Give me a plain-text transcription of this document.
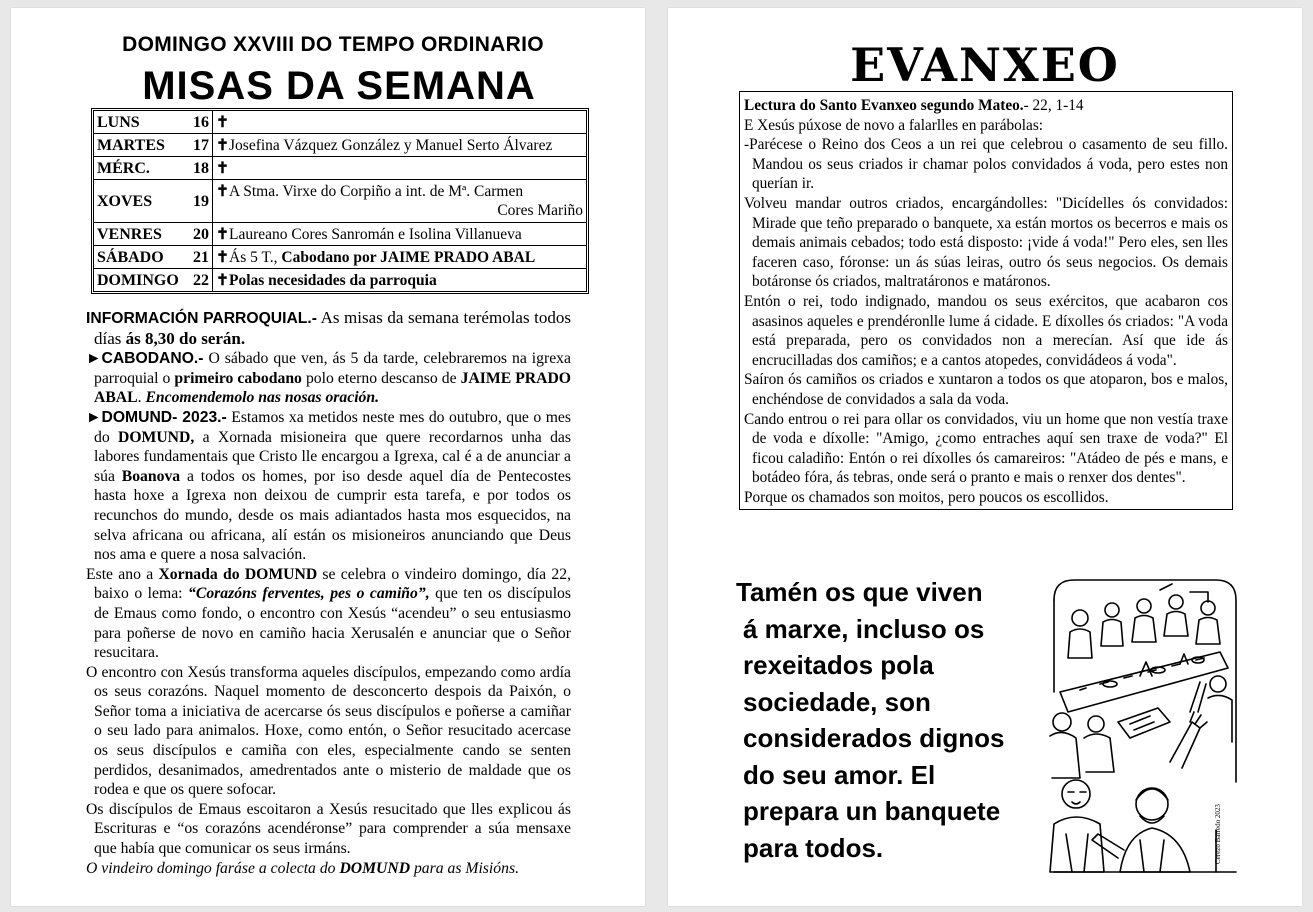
DOMINGO XXVIII DO TEMPO ORDINARIO
MISAS DA SEMANA
LUNS 16	✝
MARTES 17	✝Josefina Vázquez González y Manuel Serto Álvarez
MÉRC. 18	✝
XOVES 19	✝A Stma. Virxe do Corpiño a int. de Mª. Carmen
Cores Mariño

VENRES 20	✝Laureano Cores Sanromán e Isolina Villanueva
SÁBADO 21	✝Ás 5 T., Cabodano por JAIME PRADO ABAL
DOMINGO 22	✝Polas necesidades da parroquia

INFORMACIÓN PARROQUIAL.- As misas da semana terémolas todos días ás 8,30 do serán.

►CABODANO.- O sábado que ven, ás 5 da tarde, celebraremos na igrexa parroquial o primeiro cabodano polo eterno descanso de JAIME PRADO ABAL. Encomendemolo nas nosas oración.

►DOMUND- 2023.- Estamos xa metidos neste mes do outubro, que o mes do DOMUND, a Xornada misioneira que quere recordarnos unha das labores fundamentais que Cristo lle encargou a Igrexa, cal é a de anunciar a súa Boanova a todos os homes, por iso desde aquel día de Pentecostes hasta hoxe a Igrexa non deixou de cumprir esta tarefa, e por todos os recunchos do mundo, desde os mais adiantados hasta mos esquecidos, na selva africana ou africana, alí están os misioneiros anunciando que Deus nos ama e quere a nosa salvación.

Este ano a Xornada do DOMUND se celebra o vindeiro domingo, día 22, baixo o lema: “Corazóns ferventes, pes o camiño”, que ten os discípulos de Emaus como fondo, o encontro con Xesús “acendeu” o seu entusiasmo para poñerse de novo en camiño hacia Xerusalén e anunciar que o Señor resucitara.

O encontro con Xesús transforma aqueles discípulos, empezando como ardía os seus corazóns. Naquel momento de desconcerto despois da Paixón, o Señor toma a iniciativa de acercarse ós seus discípulos e poñerse a camiñar o seu lado para animalos. Hoxe, como entón, o Señor resucitado acercase os seus discípulos e camiña con eles, especialmente cando se senten perdidos, desanimados, amedrentados ante o misterio de maldade que os rodea e que os quere sofocar.

Os discípulos de Emaus escoitaron a Xesús resucitado que lles explicou ás Escrituras e “os corazóns acendéronse” para comprender a súa mensaxe que había que comunicar os seus irmáns.

O vindeiro domingo faráse a colecta do DOMUND para as Misións.

EVANXEO

Lectura do Santo Evanxeo segundo Mateo.- 22, 1-14

E Xesús púxose de novo a falarlles en parábolas:

-Parécese o Reino dos Ceos a un rei que celebrou o casamento de seu fillo. Mandou os seus criados ir chamar polos convidados á voda, pero estes non querían ir.

Volveu mandar outros criados, encargándolles: "Dicídelles ós convidados: Mirade que teño preparado o banquete, xa están mortos os becerros e mais os demais animais cebados; todo está disposto: ¡vide á voda!" Pero eles, sen lles faceren caso, fóronse: un ás súas leiras, outro ós seus negocios. Os demais botáronse ós criados, maltratáronos e matáronos.

Entón o rei, todo indignado, mandou os seus exércitos, que acabaron cos asasinos aqueles e prendéronlle lume á cidade. E díxolles ós criados: "A voda está preparada, pero os convidados non a merecían. Así que ide ás encrucilladas dos camiños; e a cantos atopedes, convidádeos á voda".

Saíron ós camiños os criados e xuntaron a todos os que atoparon, bos e malos, enchéndose de convidados a sala da voda.

Cando entrou o rei para ollar os convidados, viu un home que non vestía traxe de voda e díxolle: "Amigo, ¿como entraches aquí sen traxe de voda?" El ficou caladiño: Entón o rei díxolles ós camareiros: "Atádeo de pés e mans, e botádeo fóra, ás tebras, onde será o pranto e mais o renxer dos dentes".

Porque os chamados son moitos, pero poucos os escollidos.

Tamén os que viven
á marxe, incluso os
rexeitados pola
sociedade, son
considerados dignos
do seu amor. El
prepara un banquete
para todos.	Cerezo Barredo 2023
